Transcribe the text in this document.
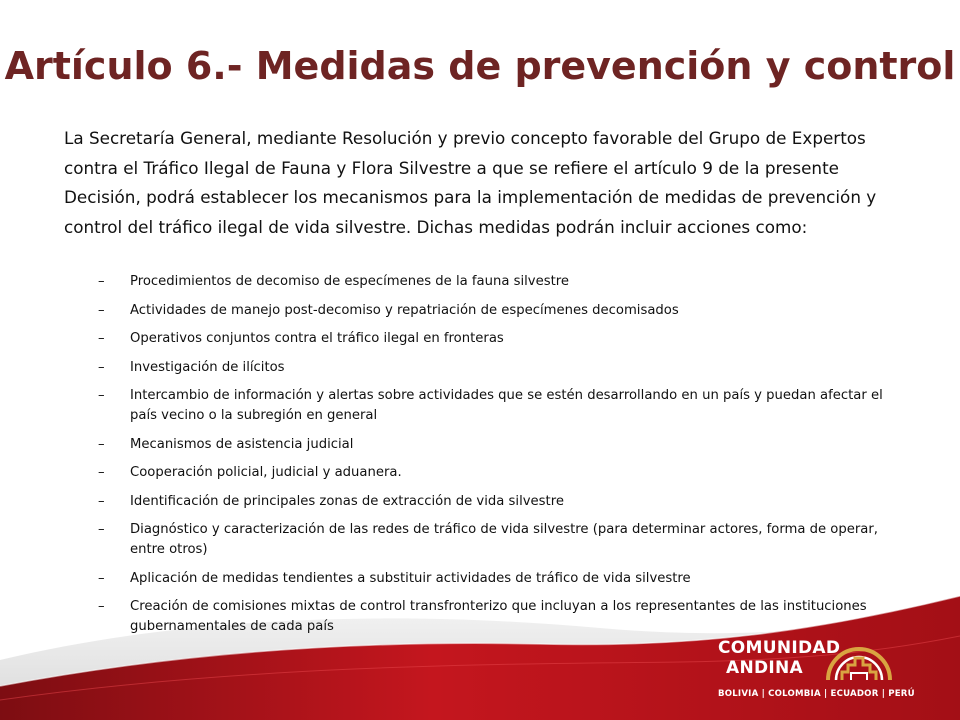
Artículo 6.- Medidas de prevención y control
La Secretaría General, mediante Resolución y previo concepto favorable del Grupo de Expertos contra el Tráfico Ilegal de Fauna y Flora Silvestre a que se refiere el artículo 9 de la presente Decisión, podrá establecer los mecanismos para la implementación de medidas de prevención y control del tráfico ilegal de vida silvestre. Dichas medidas podrán incluir acciones como:
– Procedimientos de decomiso de especímenes de la fauna silvestre
– Actividades de manejo post-decomiso y repatriación de especímenes decomisados
– Operativos conjuntos contra el tráfico ilegal en fronteras
– Investigación de ilícitos
– Intercambio de información y alertas sobre actividades que se estén desarrollando en un país y puedan afectar el país vecino o la subregión en general
– Mecanismos de asistencia judicial
– Cooperación policial, judicial y aduanera.
– Identificación de principales zonas de extracción de vida silvestre
– Diagnóstico y caracterización de las redes de tráfico de vida silvestre (para determinar actores, forma de operar, entre otros)
– Aplicación de medidas tendientes a substituir actividades de tráfico de vida silvestre
– Creación de comisiones mixtas de control transfronterizo que incluyan a los representantes de las instituciones gubernamentales de cada país
COMUNIDAD
ANDINA
BOLIVIA | COLOMBIA | ECUADOR | PERÚ
